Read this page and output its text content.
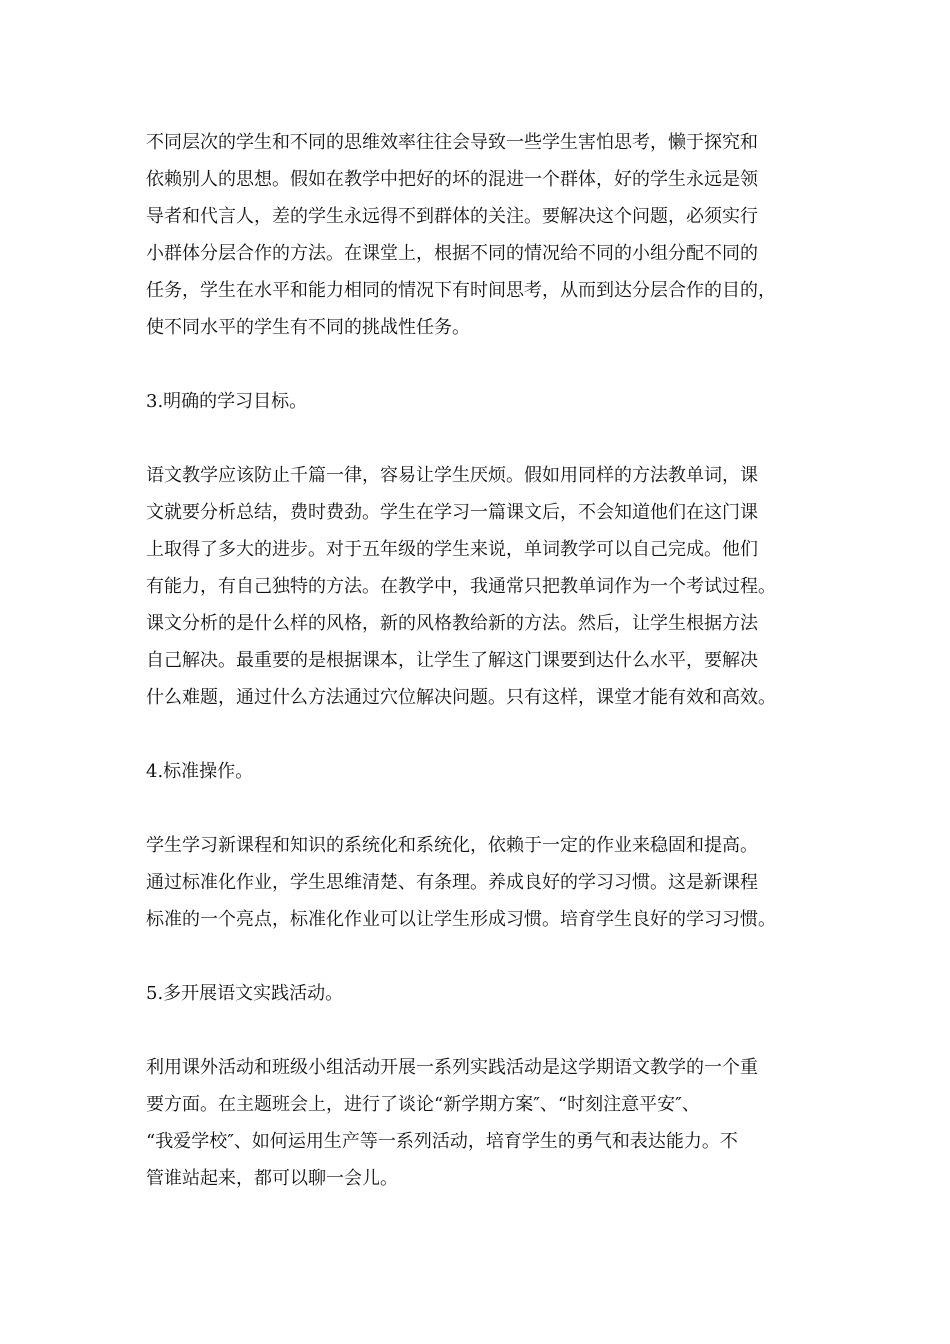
不同层次的学生和不同的思维效率往往会导致一些学生害怕思考，懒于探究和
依赖别人的思想。假如在教学中把好的坏的混进一个群体，好的学生永远是领
导者和代言人，差的学生永远得不到群体的关注。要解决这个问题，必须实行
小群体分层合作的方法。在课堂上，根据不同的情况给不同的小组分配不同的
任务，学生在水平和能力相同的情况下有时间思考，从而到达分层合作的目的，
使不同水平的学生有不同的挑战性任务。
3.明确的学习目标。
语文教学应该防止千篇一律，容易让学生厌烦。假如用同样的方法教单词，课
文就要分析总结，费时费劲。学生在学习一篇课文后，不会知道他们在这门课
上取得了多大的进步。对于五年级的学生来说，单词教学可以自己完成。他们
有能力，有自己独特的方法。在教学中，我通常只把教单词作为一个考试过程。
课文分析的是什么样的风格，新的风格教给新的方法。然后，让学生根据方法
自己解决。最重要的是根据课本，让学生了解这门课要到达什么水平，要解决
什么难题，通过什么方法通过穴位解决问题。只有这样，课堂才能有效和高效。
4.标准操作。
学生学习新课程和知识的系统化和系统化，依赖于一定的作业来稳固和提高。
通过标准化作业，学生思维清楚、有条理。养成良好的学习习惯。这是新课程
标准的一个亮点，标准化作业可以让学生形成习惯。培育学生良好的学习习惯。
5.多开展语文实践活动。
利用课外活动和班级小组活动开展一系列实践活动是这学期语文教学的一个重
要方面。在主题班会上，进行了谈论“新学期方案″、“时刻注意平安″、
“我爱学校″、如何运用生产等一系列活动，培育学生的勇气和表达能力。不
管谁站起来，都可以聊一会儿。
